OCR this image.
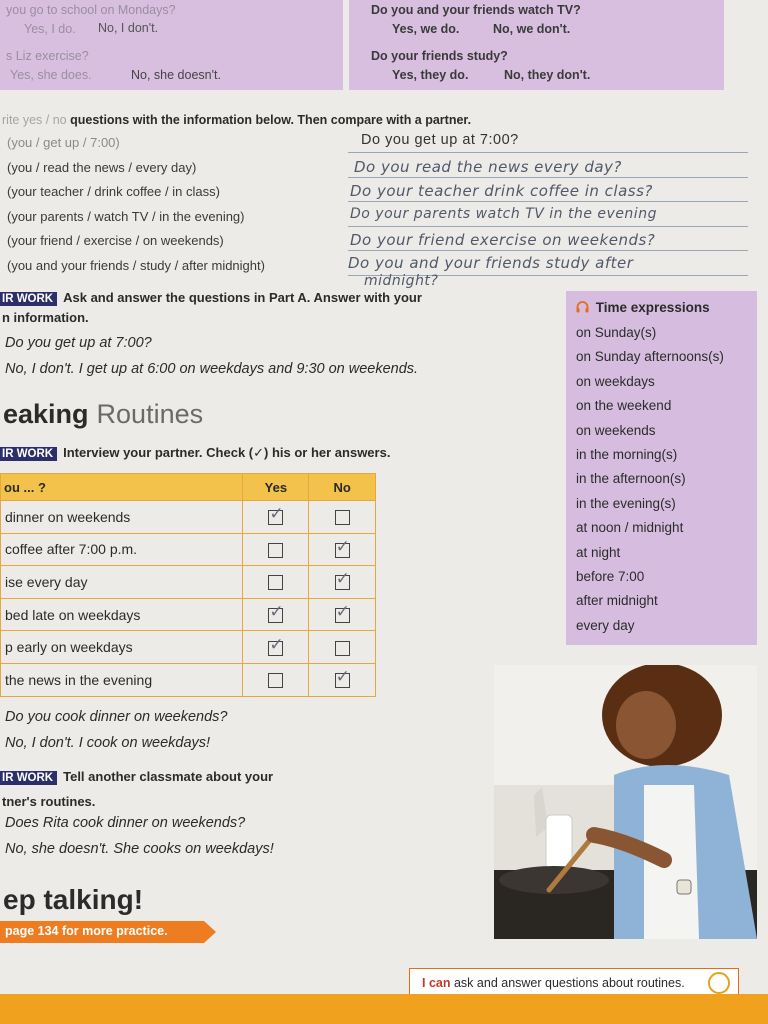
you go to school on Mondays?
Yes, I do. No, I don't.
s Liz exercise?
Yes, she does.	No, she doesn't.
Do you and your friends watch TV?
Yes, we do.	No, we don't.
Do your friends study?
Yes, they do.	No, they don't.
rite yes / no questions with the information below. Then compare with a partner.
(you / get up / 7:00)
(you / read the news / every day)
(your teacher / drink coffee / in class)
(your parents / watch TV / in the evening)
(your friend / exercise / on weekends)
(you and your friends / study / after midnight)
Do you get up at 7:00?
Do you read the news every day?
Do your teacher drink coffee in class?
Do your parents watch TV in the evening
Do your friend exercise on weekends?
Do you and your friends study after
midnight?
IR WORK Ask and answer the questions in Part A. Answer with your
n information.
Do you get up at 7:00?
No, I don't. I get up at 6:00 on weekdays and 9:30 on weekends.
eaking Routines
IR WORK Interview your partner. Check (✓) his or her answers.
ou ... ?	Yes	No
dinner on weekends	✓	
coffee after 7:00 p.m.		✓
ise every day		✓
bed late on weekdays	✓	✓
p early on weekdays	✓	
the news in the evening		✓
Do you cook dinner on weekends?
No, I don't. I cook on weekdays!
IR WORK Tell another classmate about your
tner's routines.
Does Rita cook dinner on weekends?
No, she doesn't. She cooks on weekdays!
Time expressions
on Sunday(s)
on Sunday afternoons(s)
on weekdays
on the weekend
on weekends
in the morning(s)
in the afternoon(s)
in the evening(s)
at noon / midnight
at night
before 7:00
after midnight
every day
ep talking!
page 134 for more practice.
I can ask and answer questions about routines.
